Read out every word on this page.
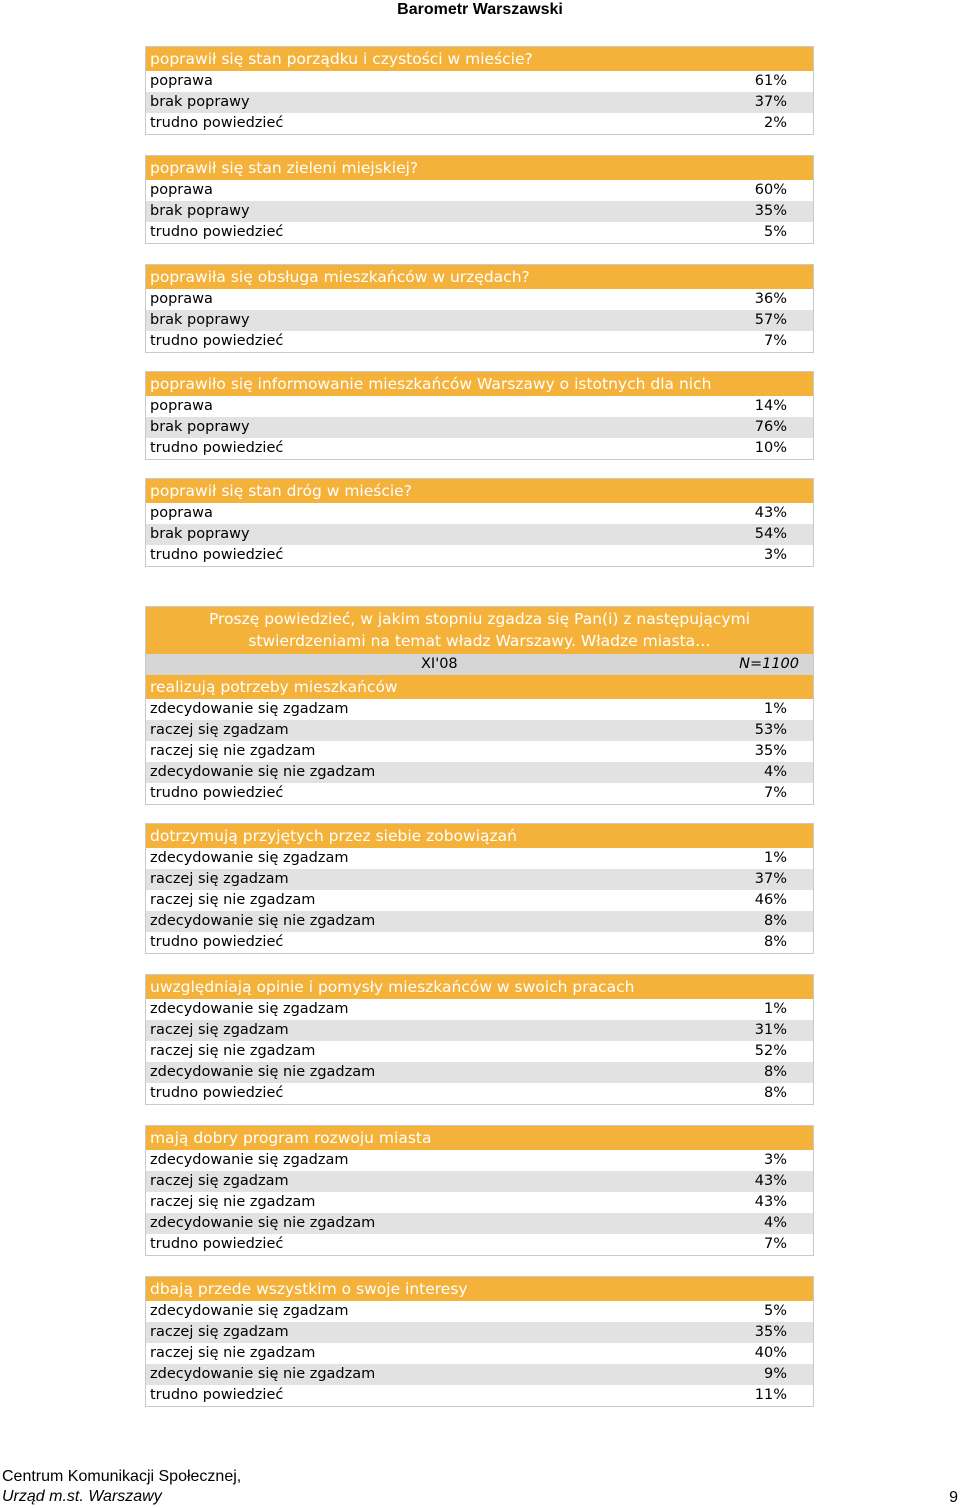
Barometr Warszawski
poprawił się stan porządku i czystości w mieście?
poprawa	61%
brak poprawy	37%
trudno powiedzieć	2%
poprawił się stan zieleni miejskiej?
poprawa	60%
brak poprawy	35%
trudno powiedzieć	5%
poprawiła się obsługa mieszkańców w urzędach?
poprawa	36%
brak poprawy	57%
trudno powiedzieć	7%
poprawiło się informowanie mieszkańców Warszawy o istotnych dla nich
poprawa	14%
brak poprawy	76%
trudno powiedzieć	10%
poprawił się stan dróg w mieście?
poprawa	43%
brak poprawy	54%
trudno powiedzieć	3%
Proszę powiedzieć, w jakim stopniu zgadza się Pan(i) z następującymi
stwierdzeniami na temat władz Warszawy. Władze miasta…
XI'08	N=1100
realizują potrzeby mieszkańców
zdecydowanie się zgadzam	1%
raczej się zgadzam	53%
raczej się nie zgadzam	35%
zdecydowanie się nie zgadzam	4%
trudno powiedzieć	7%
dotrzymują przyjętych przez siebie zobowiązań
zdecydowanie się zgadzam	1%
raczej się zgadzam	37%
raczej się nie zgadzam	46%
zdecydowanie się nie zgadzam	8%
trudno powiedzieć	8%
uwzględniają opinie i pomysły mieszkańców w swoich pracach
zdecydowanie się zgadzam	1%
raczej się zgadzam	31%
raczej się nie zgadzam	52%
zdecydowanie się nie zgadzam	8%
trudno powiedzieć	8%
mają dobry program rozwoju miasta
zdecydowanie się zgadzam	3%
raczej się zgadzam	43%
raczej się nie zgadzam	43%
zdecydowanie się nie zgadzam	4%
trudno powiedzieć	7%
dbają przede wszystkim o swoje interesy
zdecydowanie się zgadzam	5%
raczej się zgadzam	35%
raczej się nie zgadzam	40%
zdecydowanie się nie zgadzam	9%
trudno powiedzieć	11%
Centrum Komunikacji Społecznej,
Urząd m.st. Warszawy	9
